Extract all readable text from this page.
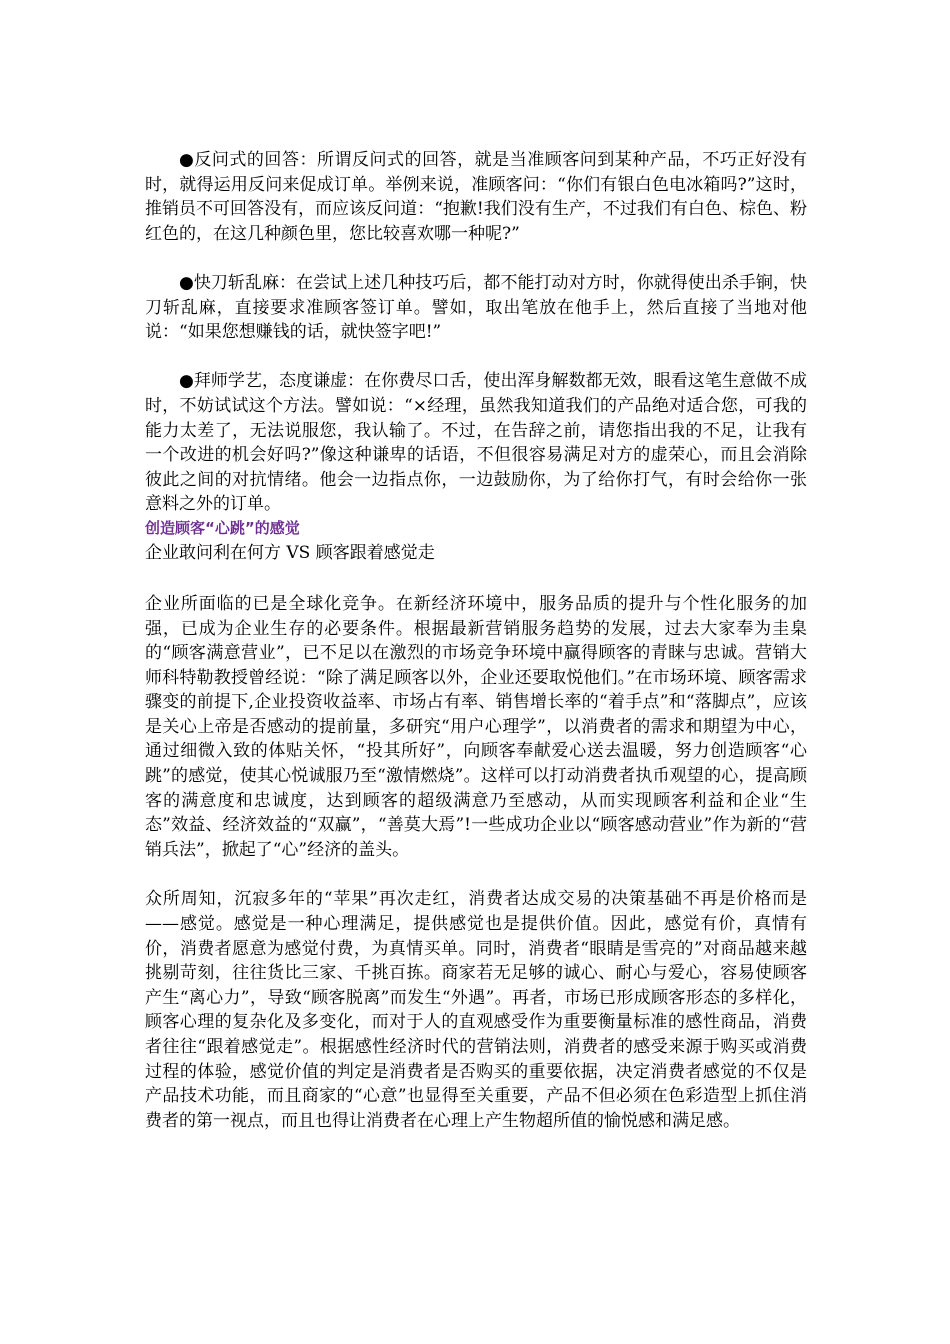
●反问式的回答：所谓反问式的回答，就是当准顾客问到某种产品，不巧正好没有时，就得运用反问来促成订单。举例来说，准顾客问：“你们有银白色电冰箱吗?”这时，推销员不可回答没有，而应该反问道：“抱歉!我们没有生产，不过我们有白色、棕色、粉红色的，在这几种颜色里，您比较喜欢哪一种呢?”

●快刀斩乱麻：在尝试上述几种技巧后，都不能打动对方时，你就得使出杀手锏，快刀斩乱麻，直接要求准顾客签订单。譬如，取出笔放在他手上，然后直接了当地对他说：“如果您想赚钱的话，就快签字吧!”

●拜师学艺，态度谦虚：在你费尽口舌，使出浑身解数都无效，眼看这笔生意做不成时，不妨试试这个方法。譬如说：“×经理，虽然我知道我们的产品绝对适合您，可我的能力太差了，无法说服您，我认输了。不过，在告辞之前，请您指出我的不足，让我有一个改进的机会好吗?”像这种谦卑的话语，不但很容易满足对方的虚荣心，而且会消除彼此之间的对抗情绪。他会一边指点你，一边鼓励你，为了给你打气，有时会给你一张意料之外的订单。

创造顾客“心跳”的感觉

企业敢问利在何方 VS 顾客跟着感觉走

企业所面临的已是全球化竞争。在新经济环境中，服务品质的提升与个性化服务的加强，已成为企业生存的必要条件。根据最新营销服务趋势的发展，过去大家奉为圭臬的“顾客满意营业”，已不足以在激烈的市场竞争环境中赢得顾客的青睐与忠诚。营销大师科特勒教授曾经说：“除了满足顾客以外，企业还要取悦他们。”在市场环境、顾客需求骤变的前提下,企业投资收益率、市场占有率、销售增长率的“着手点”和“落脚点”，应该是关心上帝是否感动的提前量，多研究“用户心理学”，以消费者的需求和期望为中心，通过细微入致的体贴关怀，“投其所好”，向顾客奉献爱心送去温暖，努力创造顾客“心跳”的感觉，使其心悦诚服乃至“激情燃烧”。这样可以打动消费者执币观望的心，提高顾客的满意度和忠诚度，达到顾客的超级满意乃至感动，从而实现顾客利益和企业“生态”效益、经济效益的“双赢”，“善莫大焉”!一些成功企业以“顾客感动营业”作为新的“营销兵法”，掀起了“心”经济的盖头。

众所周知，沉寂多年的“苹果”再次走红，消费者达成交易的决策基础不再是价格而是——感觉。感觉是一种心理满足，提供感觉也是提供价值。因此，感觉有价，真情有价，消费者愿意为感觉付费，为真情买单。同时，消费者“眼睛是雪亮的”对商品越来越挑剔苛刻，往往货比三家、千挑百拣。商家若无足够的诚心、耐心与爱心，容易使顾客产生“离心力”，导致“顾客脱离”而发生“外遇”。再者，市场已形成顾客形态的多样化，顾客心理的复杂化及多变化，而对于人的直观感受作为重要衡量标准的感性商品，消费者往往“跟着感觉走”。根据感性经济时代的营销法则，消费者的感受来源于购买或消费过程的体验，感觉价值的判定是消费者是否购买的重要依据，决定消费者感觉的不仅是产品技术功能，而且商家的“心意”也显得至关重要，产品不但必须在色彩造型上抓住消费者的第一视点，而且也得让消费者在心理上产生物超所值的愉悦感和满足感。
